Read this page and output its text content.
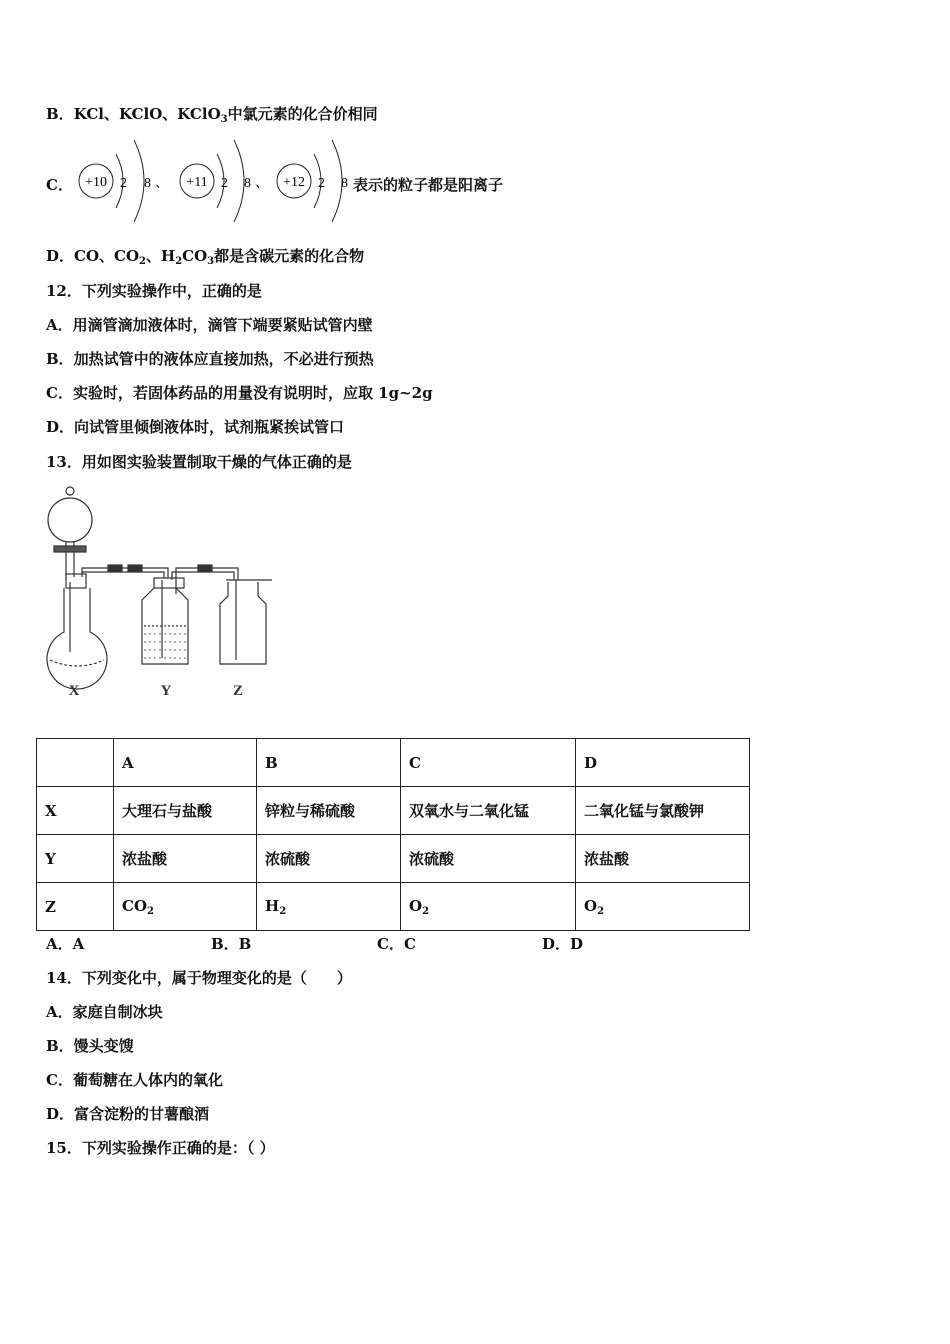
B．KCl、KClO、KClO$_3$中氯元素的化合价相同
C． +10 2 8 、 +11 2 8 、 +12 2 8 表示的粒子都是阳离子
D．CO、$CO_2$、$H_2CO_3$都是含碳元素的化合物
12．下列实验操作中，正确的是
A．用滴管滴加液体时，滴管下端要紧贴试管内壁
B．加热试管中的液体应直接加热，不必进行预热
C．实验时，若固体药品的用量没有说明时，应取 1g~2g
D．向试管里倾倒液体时，试剂瓶紧挨试管口
13．用如图实验装置制取干燥的气体正确的是
X	Y	Z
	A	B	C	D
X	大理石与盐酸	锌粒与稀硫酸	双氧水与二氧化锰	二氧化锰与氯酸钾
Y	浓盐酸	浓硫酸	浓硫酸	浓盐酸
Z	$CO_2$	$H_2$	$O_2$	$O_2$
A．A	B．B	C．C	D．D
14．下列变化中，属于物理变化的是（　　）
A．家庭自制冰块
B．馒头变馊
C．葡萄糖在人体内的氧化
D．富含淀粉的甘薯酿酒
15．下列实验操作正确的是：（ ）
